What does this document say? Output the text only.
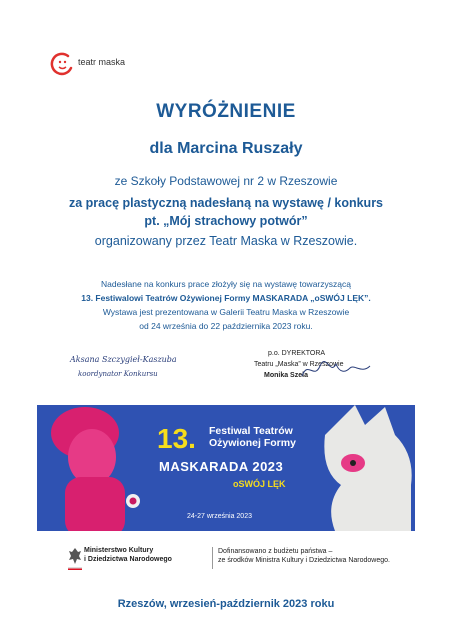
teatr maska
WYRÓŻNIENIE
dla Marcina Ruszały
ze Szkoły Podstawowej nr 2 w Rzeszowie
za pracę plastyczną nadesłaną na wystawę / konkurs
pt. „Mój strachowy potwór”
organizowany przez Teatr Maska w Rzeszowie.
Nadesłane na konkurs prace złożyły się na wystawę towarzyszącą
13. Festiwalowi Teatrów Ożywionej Formy MASKARADA „oSWÓJ LĘK”.
Wystawa jest prezentowana w Galerii Teatru Maska w Rzeszowie
od 24 września do 22 października 2023 roku.
Aksana Szczygieł-Kaszuba
koordynator Konkursu
p.o. DYREKTORA
Teatru „Maska” w Rzeszowie
Monika Szela
13. Festiwal Teatrów
Ożywionej Formy
MASKARADA 2023
oSWÓJ LĘK
24-27 września 2023
Ministerstwo Kultury
i Dziedzictwa Narodowego
Dofinansowano z budżetu państwa –
ze środków Ministra Kultury i Dziedzictwa Narodowego.
Rzeszów, wrzesień-październik 2023 roku
